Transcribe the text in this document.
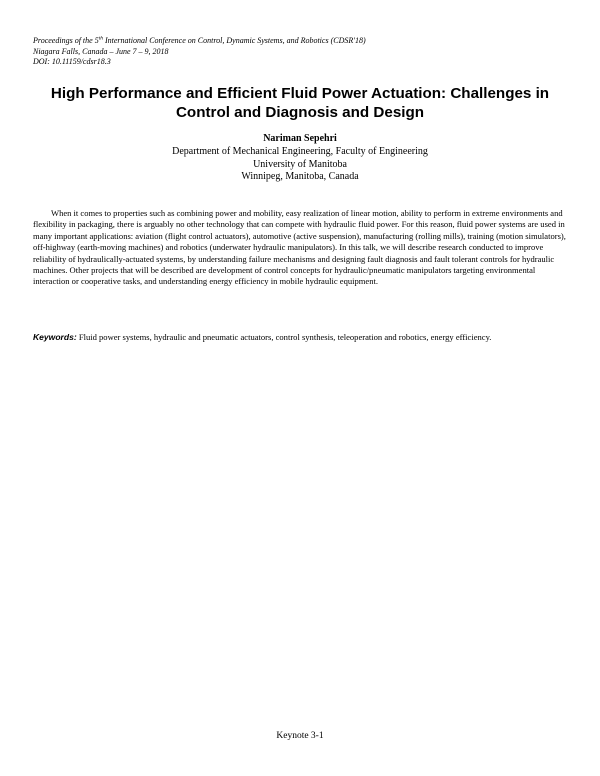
Proceedings of the 5th International Conference on Control, Dynamic Systems, and Robotics (CDSR'18)
Niagara Falls, Canada – June 7 – 9, 2018
DOI: 10.11159/cdsr18.3
High Performance and Efficient Fluid Power Actuation: Challenges in Control and Diagnosis and Design
Nariman Sepehri
Department of Mechanical Engineering, Faculty of Engineering
University of Manitoba
Winnipeg, Manitoba, Canada

When it comes to properties such as combining power and mobility, easy realization of linear motion, ability to perform in extreme environments and flexibility in packaging, there is arguably no other technology that can compete with hydraulic fluid power. For this reason, fluid power systems are used in many important applications: aviation (flight control actuators), automotive (active suspension), manufacturing (rolling mills), training (motion simulators), off-highway (earth-moving machines) and robotics (underwater hydraulic manipulators). In this talk, we will describe research conducted to improve reliability of hydraulically-actuated systems, by understanding failure mechanisms and designing fault diagnosis and fault tolerant controls for hydraulic machines. Other projects that will be described are development of control concepts for hydraulic/pneumatic manipulators targeting environmental interaction or cooperative tasks, and understanding energy efficiency in mobile hydraulic equipment.

Keywords: Fluid power systems, hydraulic and pneumatic actuators, control synthesis, teleoperation and robotics, energy efficiency.

Keynote 3-1
